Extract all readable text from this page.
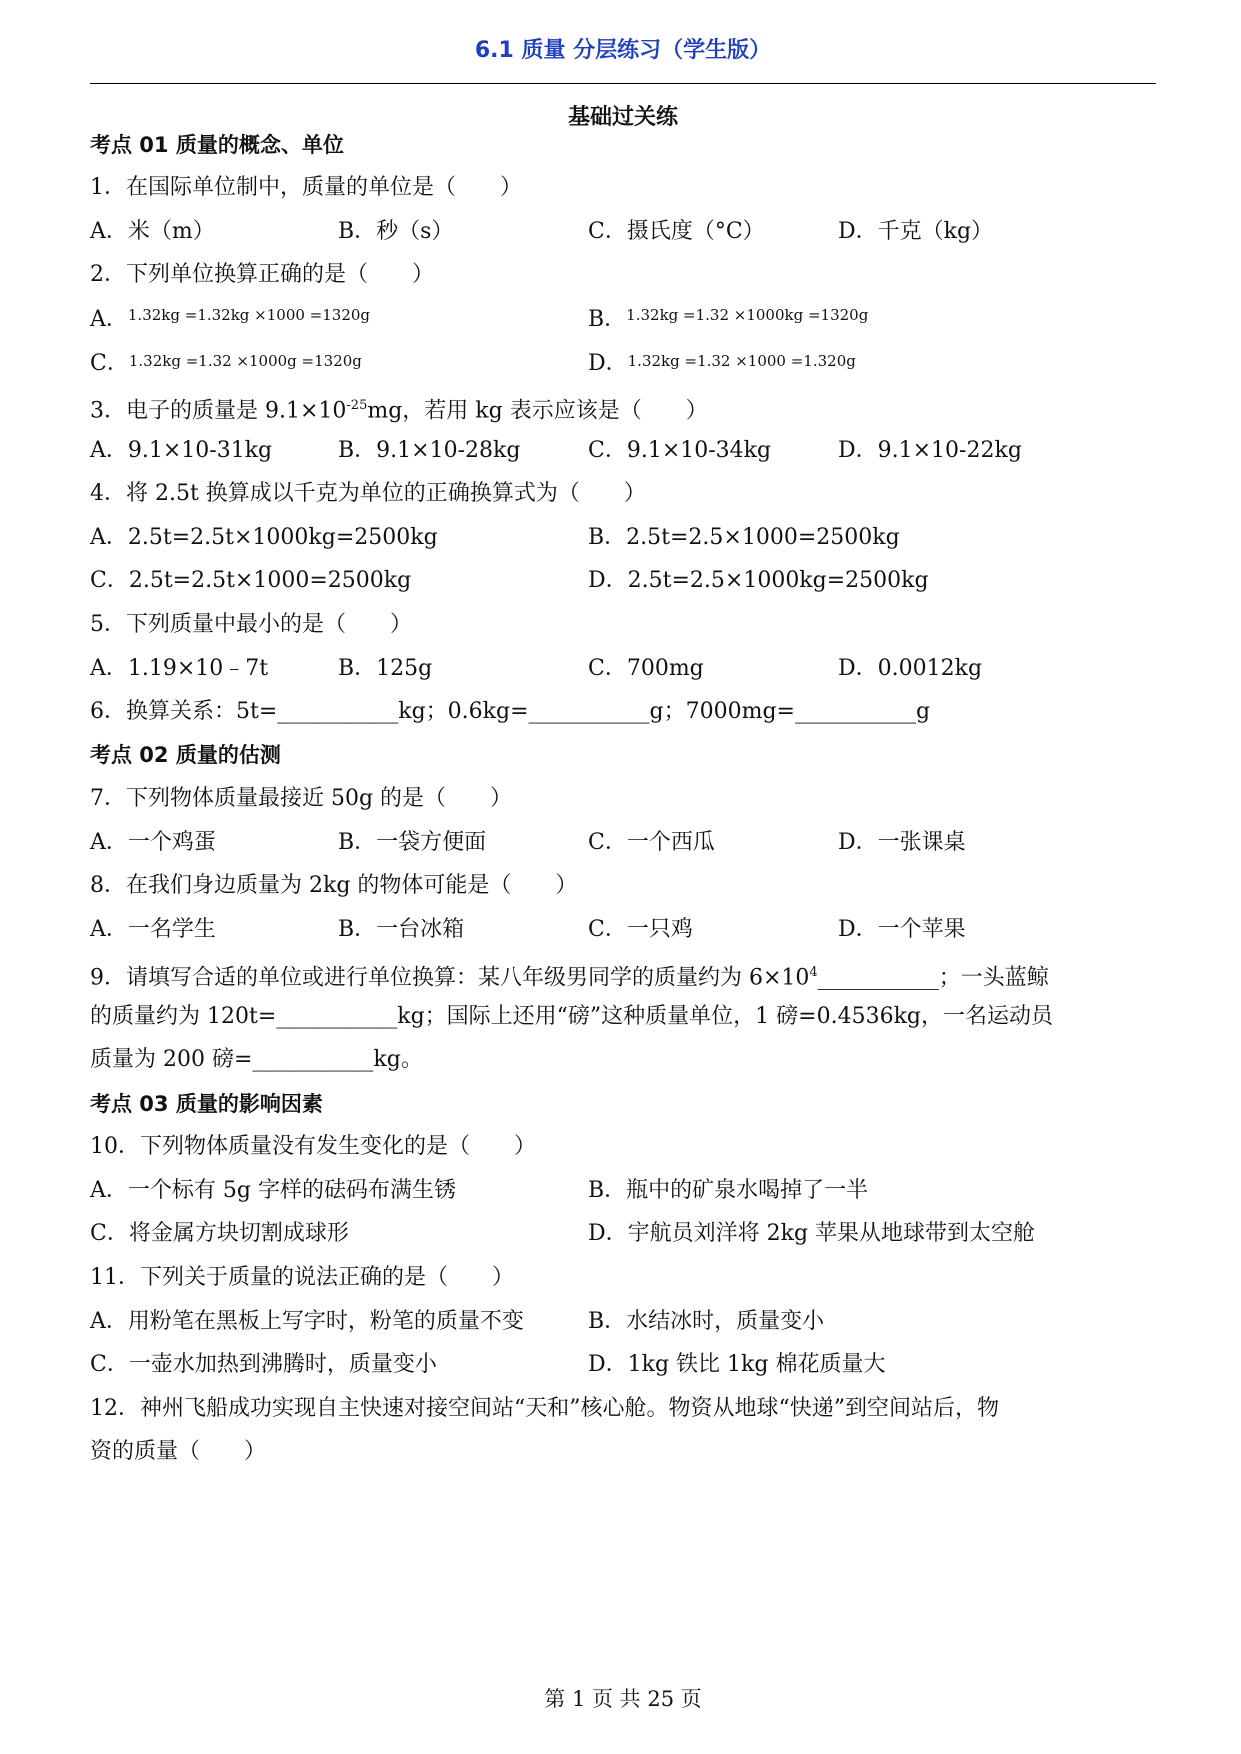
6.1 质量 分层练习（学生版）
基础过关练
考点 01 质量的概念、单位
1．在国际单位制中，质量的单位是（　　）
A．米（m）	B．秒（s）	C．摄氏度（°C）	D．千克（kg）
2．下列单位换算正确的是（　　）
A．$^{1.32kg =1.32kg \times 1000 =1320g}$	B．$^{1.32kg =1.32 \times 1000kg =1320g}$
C．1.32kg =1.32 ×1000g =1320g	D．1.32kg =1.32 ×1000 =1.320g
3．电子的质量是 $9.1\times 10^{-25}mg$，若用 kg 表示应该是（　　）
A．9.1×10-31kg	B．9.1×10-28kg	C．9.1×10-34kg	D．9.1×10-22kg
4．将 2.5t 换算成以千克为单位的正确换算式为（　　）
A．2.5t=2.5t×1000kg=2500kg	B．2.5t=2.5×1000=2500kg
C．2.5t=2.5t×1000=2500kg	D．2.5t=2.5×1000kg=2500kg
5．下列质量中最小的是（　　）
A．1.19×10﹣7t	B．125g	C．700mg	D．0.0012kg
6．换算关系：5t=___________kg；0.6kg=___________g；7000mg=___________g
考点 02 质量的估测
7．下列物体质量最接近 50g 的是（　　）
A．一个鸡蛋	B．一袋方便面	C．一个西瓜	D．一张课桌
8．在我们身边质量为 2kg 的物体可能是（　　）
A．一名学生	B．一台冰箱	C．一只鸡	D．一个苹果
9．请填写合适的单位或进行单位换算：某八年级男同学的质量约为 $6\times 10^4\_\_\_\_\_\_\_\_\_\_\_$；一头蓝鲸
的质量约为 120t=___________kg；国际上还用“磅”这种质量单位，1 磅=0.4536kg，一名运动员
质量为 200 磅=___________kg。
考点 03 质量的影响因素
10．下列物体质量没有发生变化的是（　　）
A．一个标有 5g 字样的砝码布满生锈	B．瓶中的矿泉水喝掉了一半
C．将金属方块切割成球形	D．宇航员刘洋将 2kg 苹果从地球带到太空舱
11．下列关于质量的说法正确的是（　　）
A．用粉笔在黑板上写字时，粉笔的质量不变	B．水结冰时，质量变小
C．一壶水加热到沸腾时，质量变小	D．1kg 铁比 1kg 棉花质量大
12．神州飞船成功实现自主快速对接空间站“天和”核心舱。物资从地球“快递”到空间站后，物
资的质量（　　）
第 1 页 共 25 页
